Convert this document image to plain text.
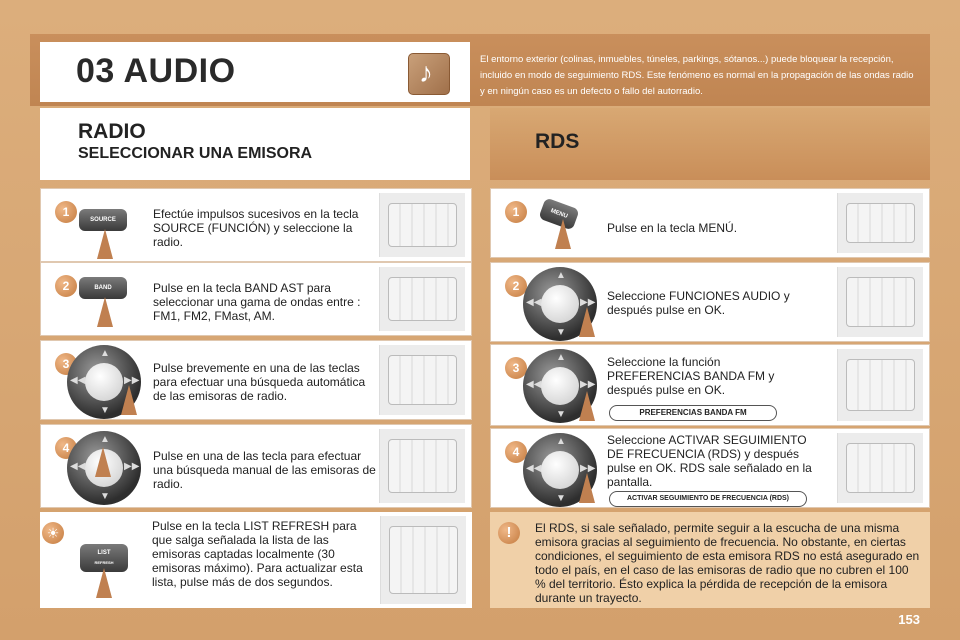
03 AUDIO
♪	El entorno exterior (colinas, inmuebles, túneles, parkings, sótanos...) puede bloquear la recepción, incluido en modo de seguimiento RDS. Este fenómeno es normal en la propagación de las ondas radio y en ningún caso es un defecto o fallo del autorradio.
RADIO
SELECCIONAR UNA EMISORA
RDS
1
SOURCE	Efectúe impulsos sucesivos en la tecla SOURCE (FUNCIÓN) y seleccione la radio.
2	BAND	Pulse en la tecla BAND AST para seleccionar una gama de ondas entre : FM1, FM2, FMast, AM.
3
▲
▼
◀◀	▶▶
Pulse brevemente en una de las teclas para efectuar una búsqueda automática de las emisoras de radio.
4
▲
▼
◀◀	▶▶
Pulse en una de las tecla para efectuar una búsqueda manual de las emisoras de radio.
1	MENU
Pulse en la tecla MENÚ.
2
▲
▼
◀◀	▶▶ Seleccione FUNCIONES AUDIO y después pulse en OK.
3
▲
▼
◀◀	▶▶
Seleccione la función PREFERENCIAS BANDA FM y después pulse en OK.
PREFERENCIAS BANDA FM
4
▲
▼
◀◀	▶▶
Seleccione ACTIVAR SEGUIMIENTO DE FRECUENCIA (RDS) y después pulse en OK. RDS sale señalado en la pantalla.
ACTIVAR SEGUIMIENTO DE FRECUENCIA (RDS)
LIST
REFRESH
☀	Pulse en la tecla LIST REFRESH para que salga señalada la lista de las emisoras captadas localmente (30 emisoras máximo). Para actualizar esta lista, pulse más de dos segundos.
!	El RDS, si sale señalado, permite seguir a la escucha de una misma emisora gracias al seguimiento de frecuencia. No obstante, en ciertas condiciones, el seguimiento de esta emisora RDS no está asegurado en todo el país, en el caso de las emisoras de radio que no cubren el 100 % del territorio. Ésto explica la pérdida de recepción de la emisora durante un trayecto.
153
